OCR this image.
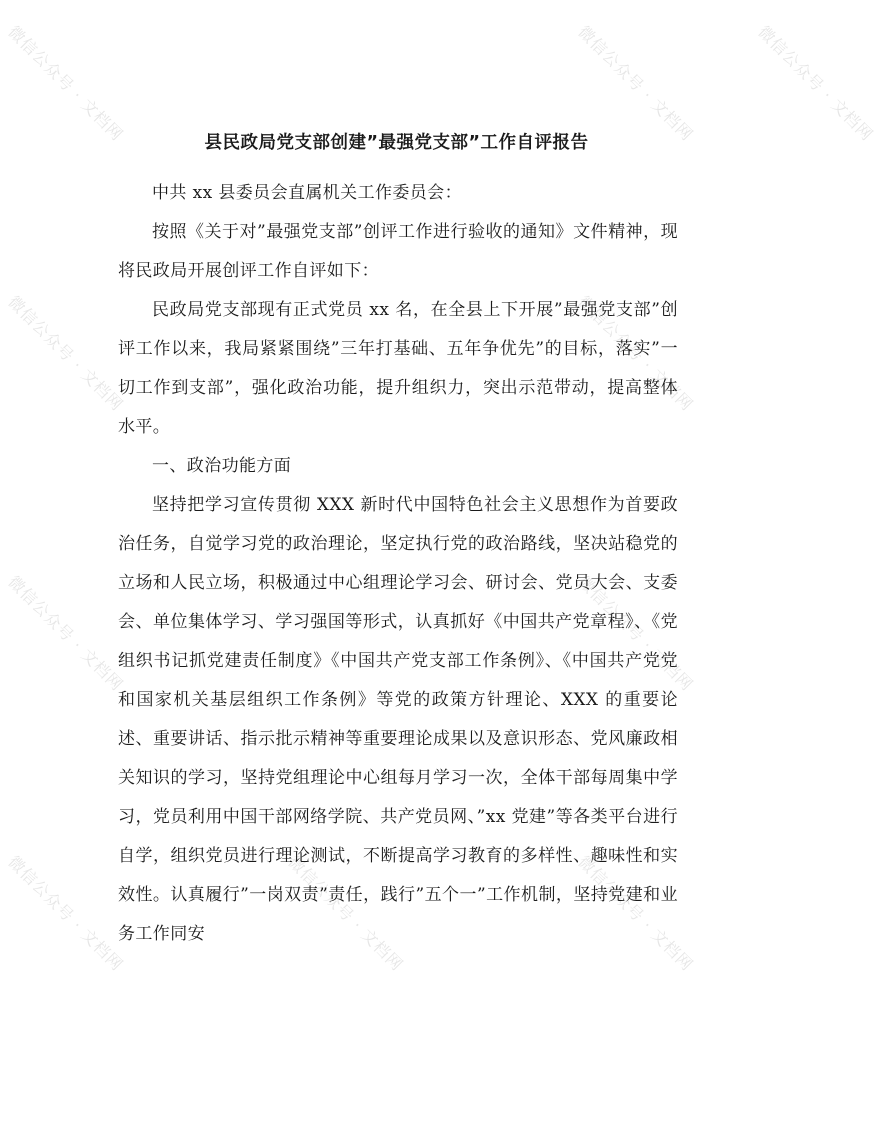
微信公众号 · 文档网	微信公众号 · 文档网	微信公众号 · 文档网
微信公众号 · 文档网	微信公众号 · 文档网
微信公众号 · 文档网	微信公众号 · 文档网
微信公众号 · 文档网	微信公众号 · 文档网	微信公众号 · 文档网
县民政局党支部创建”最强党支部”工作自评报告

中共 xx 县委员会直属机关工作委员会：

按照《关于对”最强党支部”创评工作进行验收的通知》文件精神，现将民政局开展创评工作自评如下：

民政局党支部现有正式党员 xx 名，在全县上下开展”最强党支部”创评工作以来，我局紧紧围绕”三年打基础、五年争优先”的目标，落实”一切工作到支部”，强化政治功能，提升组织力，突出示范带动，提高整体水平。

一、政治功能方面

坚持把学习宣传贯彻 XXX 新时代中国特色社会主义思想作为首要政治任务，自觉学习党的政治理论，坚定执行党的政治路线，坚决站稳党的立场和人民立场，积极通过中心组理论学习会、研讨会、党员大会、支委会、单位集体学习、学习强国等形式，认真抓好《中国共产党章程》、《党组织书记抓党建责任制度》《中国共产党支部工作条例》、《中国共产党党和国家机关基层组织工作条例》等党的政策方针理论、XXX 的重要论述、重要讲话、指示批示精神等重要理论成果以及意识形态、党风廉政相关知识的学习，坚持党组理论中心组每月学习一次，全体干部每周集中学习，党员利用中国干部网络学院、共产党员网、”xx 党建”等各类平台进行自学，组织党员进行理论测试，不断提高学习教育的多样性、趣味性和实效性。认真履行”一岗双责”责任，践行”五个一”工作机制，坚持党建和业务工作同安
